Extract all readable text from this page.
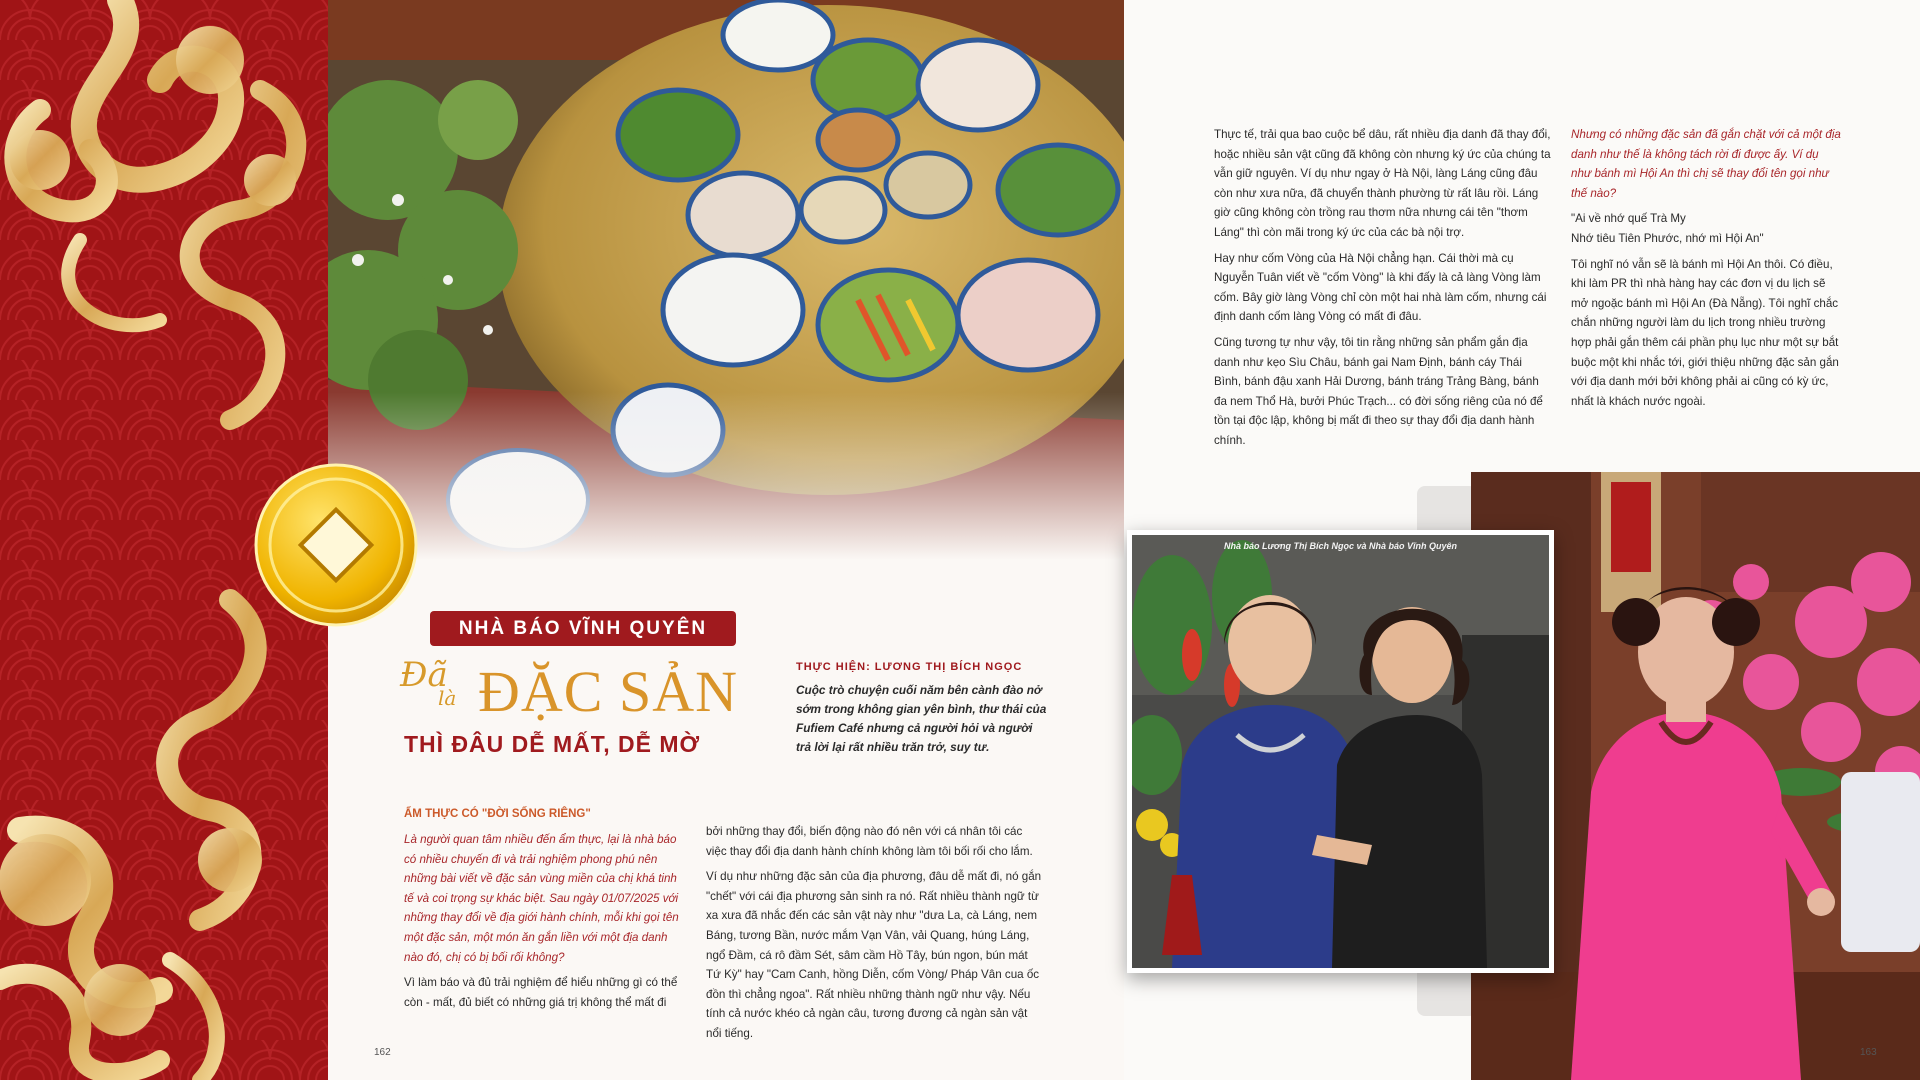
NHÀ BÁO VĨNH QUYÊN
Đã
là ĐẶC SẢN
THÌ ĐÂU DỄ MẤT, DỄ MỜ
THỰC HIỆN: LƯƠNG THỊ BÍCH NGỌC
Cuộc trò chuyện cuối năm bên cành đào nở sớm trong không gian yên bình, thư thái của Fufiem Café nhưng cả người hỏi và người trả lời lại rất nhiều trăn trở, suy tư.
ẨM THỰC CÓ "ĐỜI SỐNG RIÊNG"

Là người quan tâm nhiều đến ẩm thực, lại là nhà báo có nhiều chuyến đi và trải nghiệm phong phú nên những bài viết về đặc sản vùng miền của chị khá tinh tế và coi trọng sự khác biệt. Sau ngày 01/07/2025 với những thay đổi về địa giới hành chính, mỗi khi gọi tên một đặc sản, một món ăn gắn liền với một địa danh nào đó, chị có bị bối rối không?

Vì làm báo và đủ trải nghiệm để hiểu những gì có thể còn - mất, đủ biết có những giá trị không thể mất đi

bởi những thay đổi, biến động nào đó nên với cá nhân tôi các việc thay đổi địa danh hành chính không làm tôi bối rối cho lắm.

Ví dụ như những đặc sản của địa phương, đâu dễ mất đi, nó gắn "chết" với cái địa phương sản sinh ra nó. Rất nhiều thành ngữ từ xa xưa đã nhắc đến các sản vật này như "dưa La, cà Láng, nem Báng, tương Bần, nước mắm Vạn Vân, vải Quang, húng Láng, ngổ Đầm, cá rô đầm Sét, sâm cầm Hồ Tây, bún ngon, bún mát Tứ Kỳ" hay "Cam Canh, hồng Diễn, cốm Vòng/ Pháp Vân cua ốc đồn thì chẳng ngoa". Rất nhiều những thành ngữ như vậy. Nếu tính cả nước khéo cả ngàn câu, tương đương cả ngàn sản vật nổi tiếng.

162

Thực tế, trải qua bao cuộc bể dâu, rất nhiều địa danh đã thay đổi, hoặc nhiều sản vật cũng đã không còn nhưng ký ức của chúng ta vẫn giữ nguyên. Ví dụ như ngay ở Hà Nội, làng Láng cũng đâu còn như xưa nữa, đã chuyển thành phường từ rất lâu rồi. Láng giờ cũng không còn trồng rau thơm nữa nhưng cái tên "thơm Láng" thì còn mãi trong ký ức của các bà nội trợ.

Hay như cốm Vòng của Hà Nội chẳng hạn. Cái thời mà cụ Nguyễn Tuân viết về "cốm Vòng" là khi đấy là cả làng Vòng làm cốm. Bây giờ làng Vòng chỉ còn một hai nhà làm cốm, nhưng cái định danh cốm làng Vòng có mất đi đâu.

Cũng tương tự như vậy, tôi tin rằng những sản phẩm gắn địa danh như kẹo Sìu Châu, bánh gai Nam Định, bánh cáy Thái Bình, bánh đậu xanh Hải Dương, bánh tráng Trảng Bàng, bánh đa nem Thổ Hà, bưởi Phúc Trạch... có đời sống riêng của nó để tồn tại độc lập, không bị mất đi theo sự thay đổi địa danh hành chính.

Nhưng có những đặc sản đã gắn chặt với cả một địa danh như thế là không tách rời đi được ấy. Ví dụ như bánh mì Hội An thì chị sẽ thay đổi tên gọi như thế nào?

"Ai về nhớ quế Trà My

Nhớ tiêu Tiên Phước, nhớ mì Hội An"

Tôi nghĩ nó vẫn sẽ là bánh mì Hội An thôi. Có điều, khi làm PR thì nhà hàng hay các đơn vị du lịch sẽ mở ngoặc bánh mì Hội An (Đà Nẵng). Tôi nghĩ chắc chắn những người làm du lịch trong nhiều trường hợp phải gắn thêm cái phần phụ lục như một sự bắt buộc một khi nhắc tới, giới thiệu những đặc sản gắn với địa danh mới bởi không phải ai cũng có kỳ ức, nhất là khách nước ngoài.

Nhà báo Lương Thị Bích Ngọc và Nhà báo Vĩnh Quyên
163
